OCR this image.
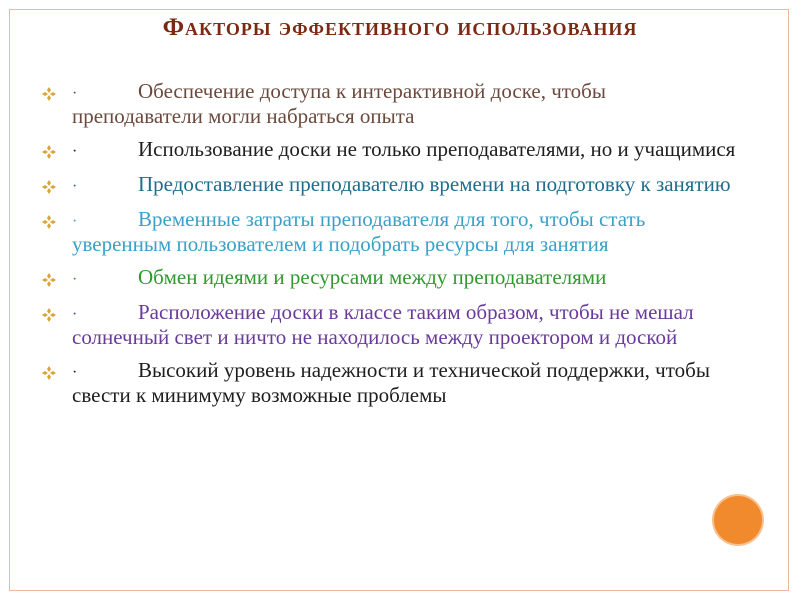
Факторы эффективного использования
·	Обеспечение доступа к интерактивной доске, чтобы преподаватели могли набраться опыта
·	Использование доски не только преподавателями, но и учащимися
·	Предоставление преподавателю времени на подготовку к занятию
·	Временные затраты преподавателя для того, чтобы стать уверенным пользователем и подобрать ресурсы для занятия
·	Обмен идеями и ресурсами между преподавателями
·	Расположение доски в классе таким образом, чтобы не мешал солнечный свет и ничто не находилось между проектором и доской
·	Высокий уровень надежности и технической поддержки, чтобы свести к минимуму возможные проблемы
